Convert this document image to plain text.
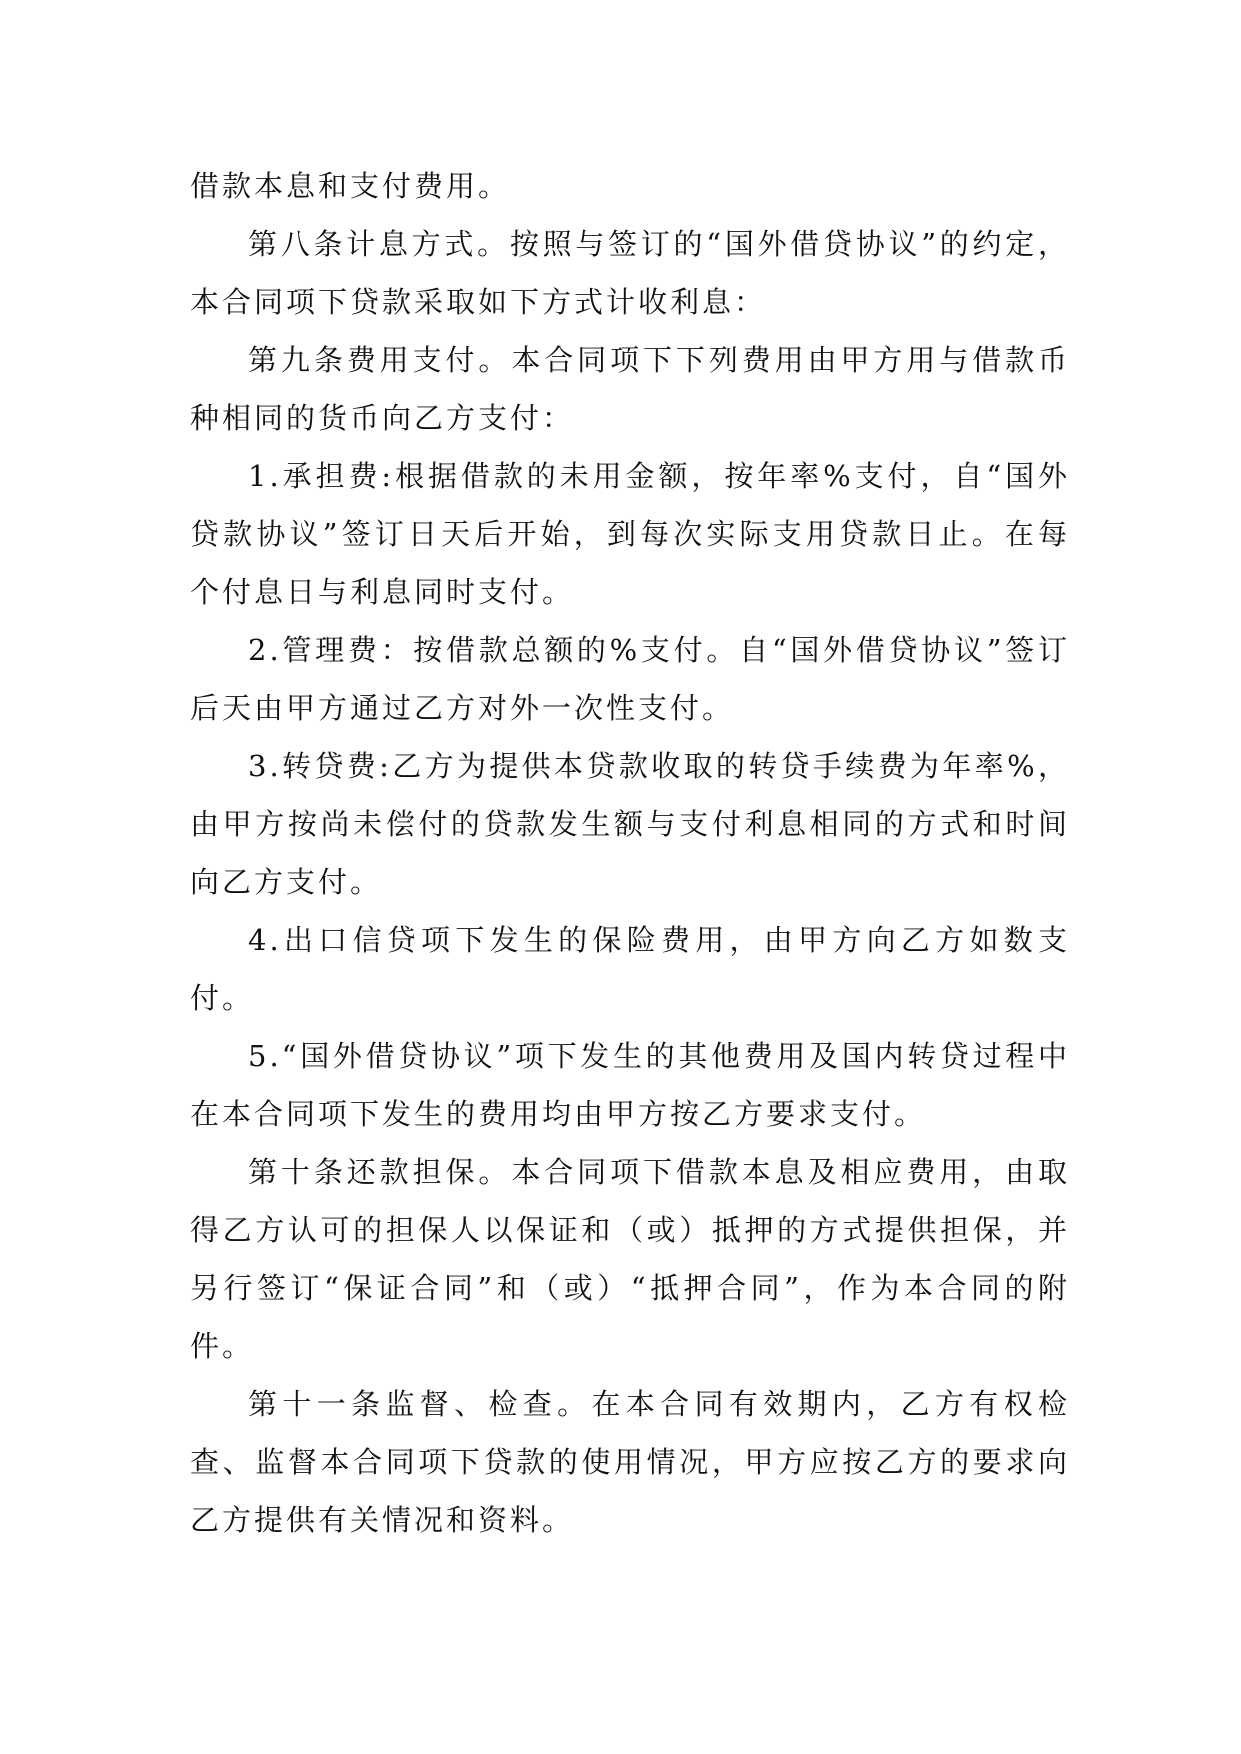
借款本息和支付费用。

第八条计息方式。按照与签订的“国外借贷协议”的约定，本合同项下贷款采取如下方式计收利息：

第九条费用支付。本合同项下下列费用由甲方用与借款币种相同的货币向乙方支付：

1.承担费:根据借款的未用金额，按年率%支付，自“国外贷款协议”签订日天后开始，到每次实际支用贷款日止。在每个付息日与利息同时支付。

2.管理费：按借款总额的%支付。自“国外借贷协议”签订后天由甲方通过乙方对外一次性支付。

3.转贷费:乙方为提供本贷款收取的转贷手续费为年率%，由甲方按尚未偿付的贷款发生额与支付利息相同的方式和时间向乙方支付。

4.出口信贷项下发生的保险费用，由甲方向乙方如数支付。

5.“国外借贷协议”项下发生的其他费用及国内转贷过程中在本合同项下发生的费用均由甲方按乙方要求支付。

第十条还款担保。本合同项下借款本息及相应费用，由取得乙方认可的担保人以保证和（或）抵押的方式提供担保，并另行签订“保证合同”和（或）“抵押合同”，作为本合同的附件。

第十一条监督、检查。在本合同有效期内，乙方有权检查、监督本合同项下贷款的使用情况，甲方应按乙方的要求向乙方提供有关情况和资料。
